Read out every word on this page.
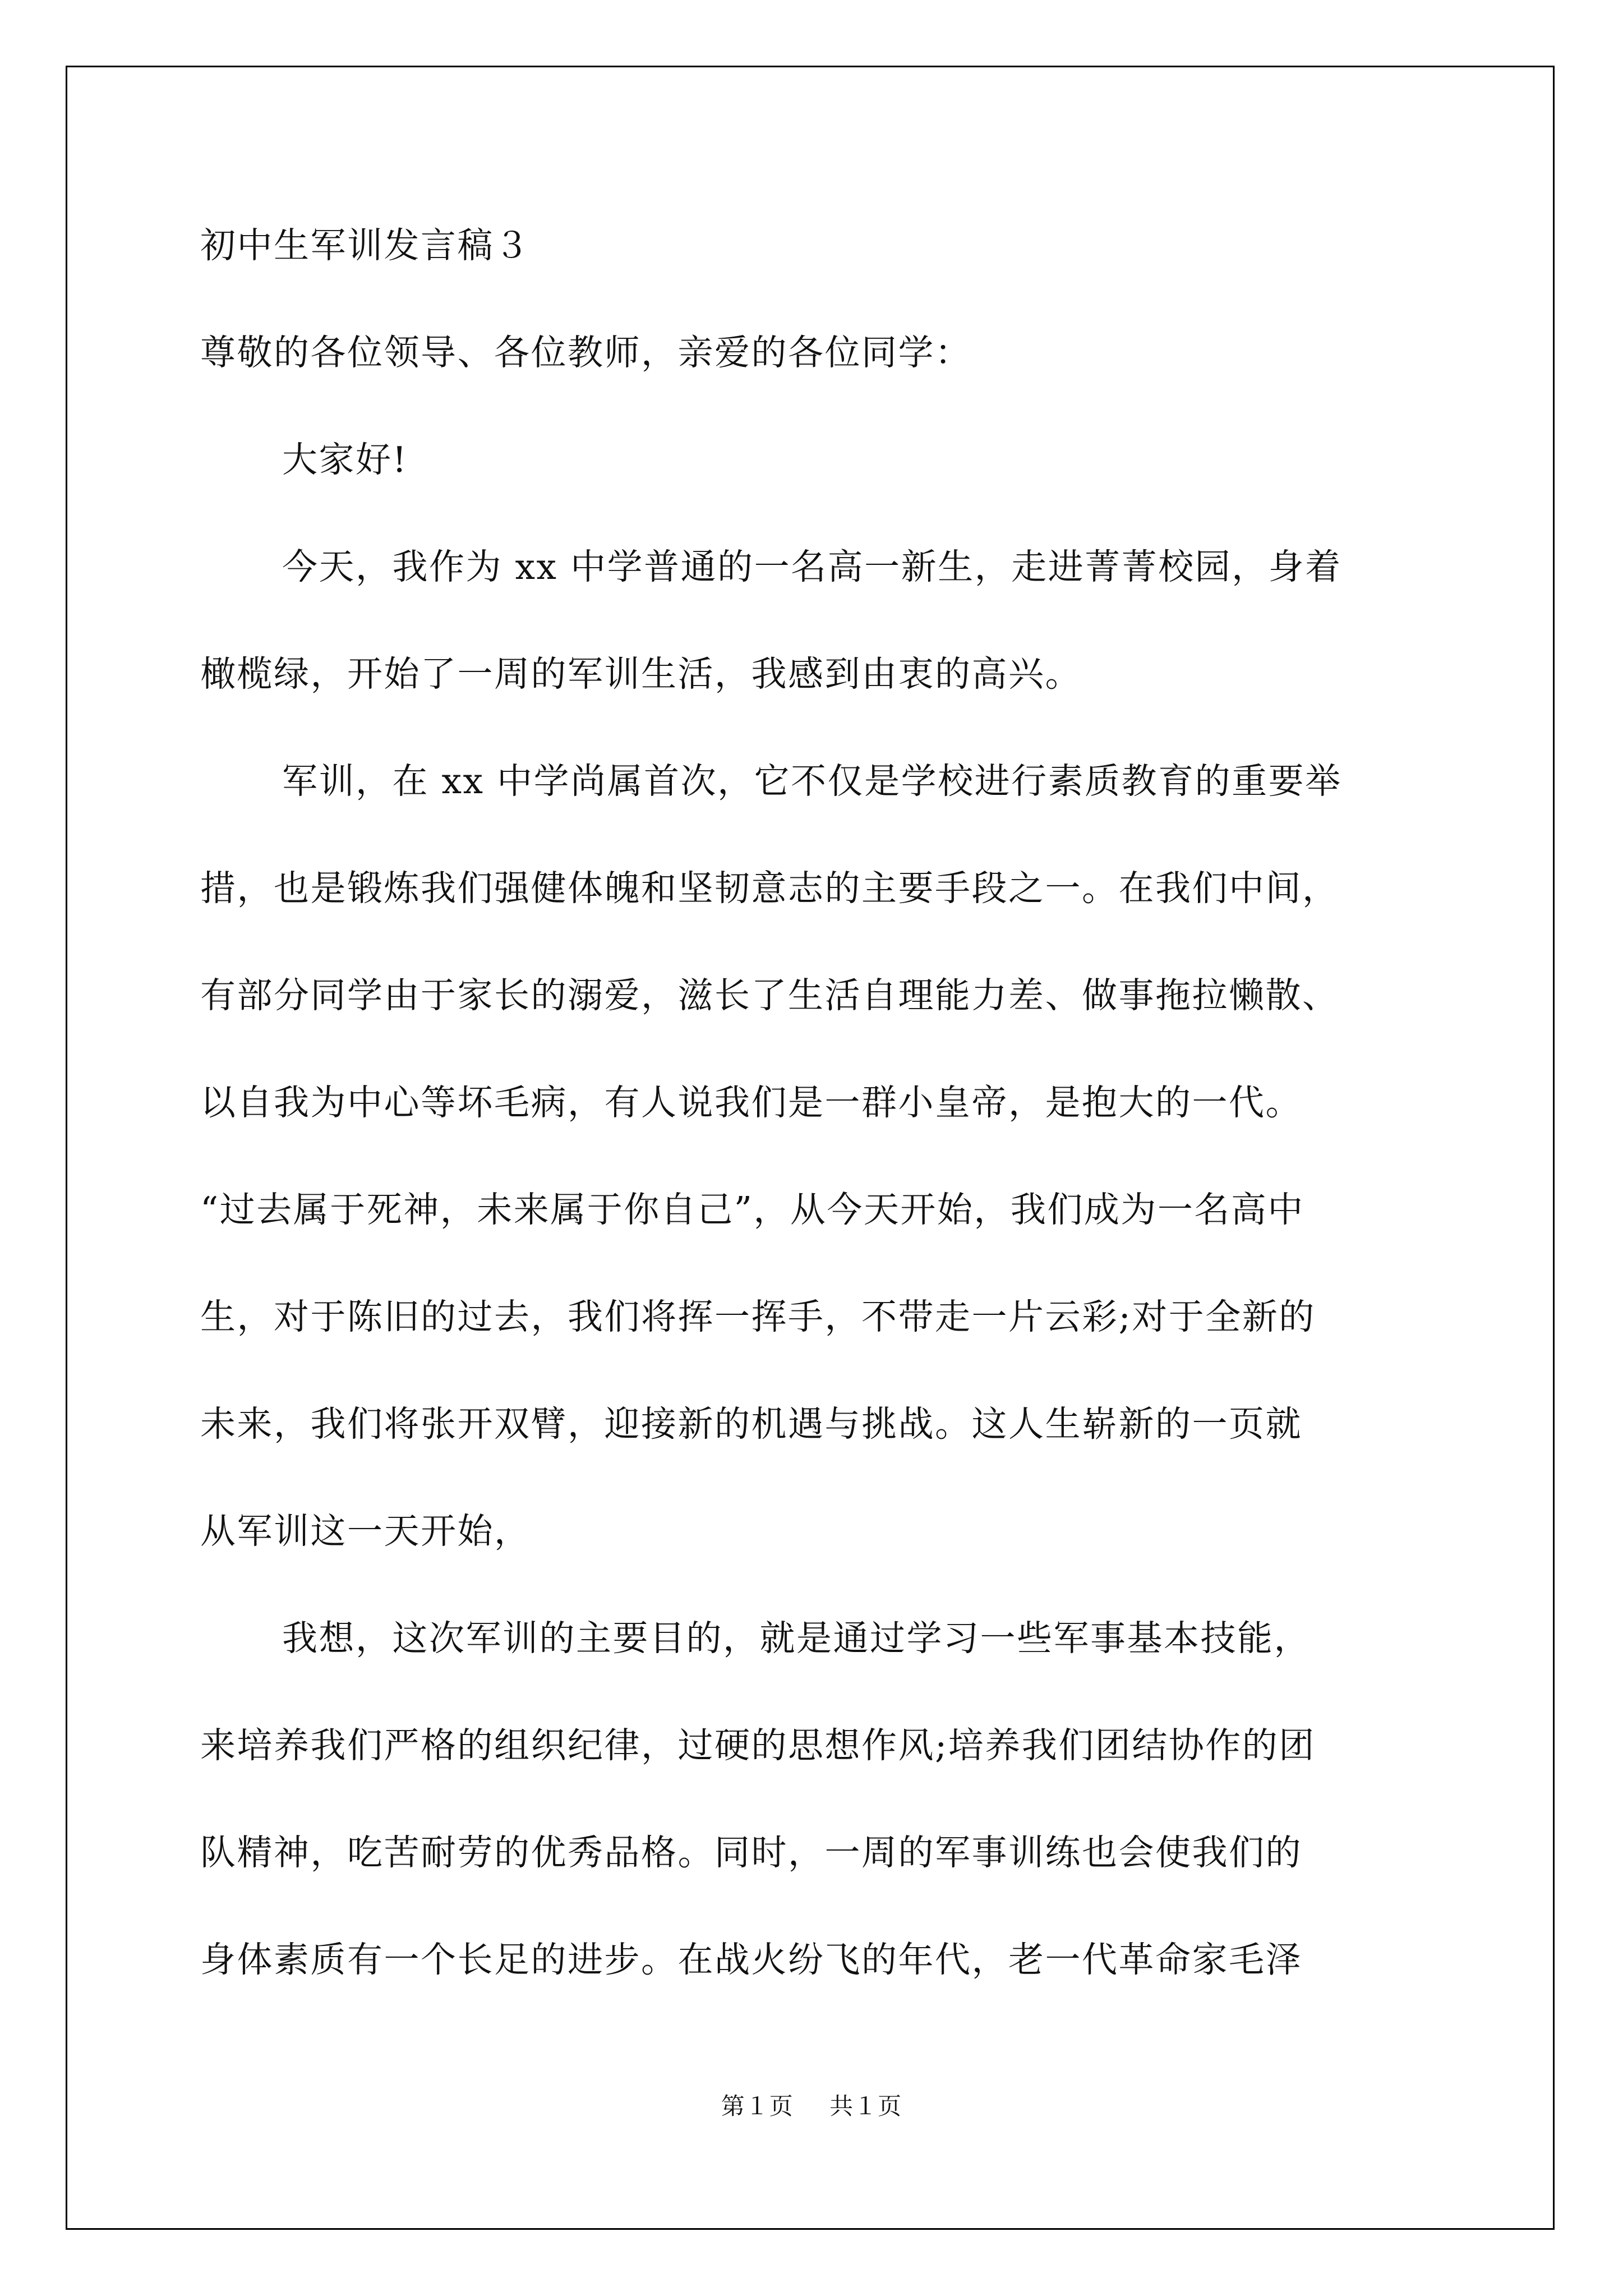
初中生军训发言稿３
尊敬的各位领导、各位教师，亲爱的各位同学：
大家好!
今天，我作为 xx 中学普通的一名高一新生，走进菁菁校园，身着
橄榄绿，开始了一周的军训生活，我感到由衷的高兴。
军训，在 xx 中学尚属首次，它不仅是学校进行素质教育的重要举
措，也是锻炼我们强健体魄和坚韧意志的主要手段之一。在我们中间，
有部分同学由于家长的溺爱，滋长了生活自理能力差、做事拖拉懒散、
以自我为中心等坏毛病，有人说我们是一群小皇帝，是抱大的一代。
“过去属于死神，未来属于你自己”，从今天开始，我们成为一名高中
生，对于陈旧的过去，我们将挥一挥手，不带走一片云彩;对于全新的
未来，我们将张开双臂，迎接新的机遇与挑战。这人生崭新的一页就
从军训这一天开始，
我想，这次军训的主要目的，就是通过学习一些军事基本技能，
来培养我们严格的组织纪律，过硬的思想作风;培养我们团结协作的团
队精神，吃苦耐劳的优秀品格。同时，一周的军事训练也会使我们的
身体素质有一个长足的进步。在战火纷飞的年代，老一代革命家毛泽
第１页 共１页
